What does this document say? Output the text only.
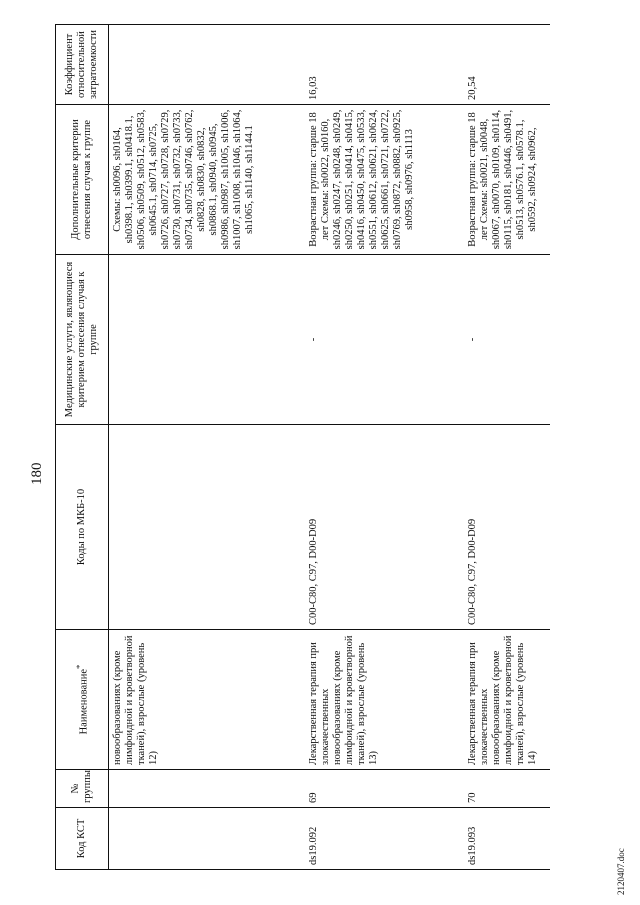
180
Код КСТ	№ группы	Наименование*	Коды по МКБ-10	Медицинские услуги, являющиеся критерием отнесения случая к группе	Дополнительные критерии отнесения случая к группе	Коэффициент относительной затратоемкости
		новообразованиях (кроме лимфоидной и кроветворной тканей), взрослые (уровень 12)			Схемы: sh0096, sh0164, sh0398.1, sh0399.1, sh0418.1, sh0506, sh0509, sh0512, sh0583, sh0645.1, sh0714, sh0725, sh0726, sh0727, sh0728, sh0729, sh0730, sh0731, sh0732, sh0733, sh0734, sh0735, sh0746, sh0762, sh0828, sh0830, sh0832, sh0868.1, sh0940, sh0945, sh0986, sh0987, sh1005, sh1006, sh1007, sh1008, sh1046, sh1064, sh1065, sh1140, sh1144.1	
ds19.092	69	Лекарственная терапия при злокачественных новообразованиях (кроме лимфоидной и кроветворной тканей), взрослые (уровень 13)	C00-C80, C97, D00-D09	-	Возрастная группа: старше 18 лет Схемы: sh0022, sh0160, sh0246, sh0247, sh0248, sh0249, sh0250, sh0251, sh0414, sh0415, sh0416, sh0450, sh0475, sh0533, sh0551, sh0612, sh0621, sh0624, sh0625, sh0661, sh0721, sh0722, sh0769, sh0872, sh0882, sh0925, sh0958, sh0976, sh1113	16,03
ds19.093	70	Лекарственная терапия при злокачественных новообразованиях (кроме лимфоидной и кроветворной тканей), взрослые (уровень 14)	C00-C80, C97, D00-D09	-	Возрастная группа: старше 18 лет Схемы: sh0021, sh0048, sh0067, sh0070, sh0109, sh0114, sh0115, sh0181, sh0446, sh0491, sh0513, sh0576.1, sh0578.1, sh0592, sh0924, sh0962,	20,54
2120407.doc
